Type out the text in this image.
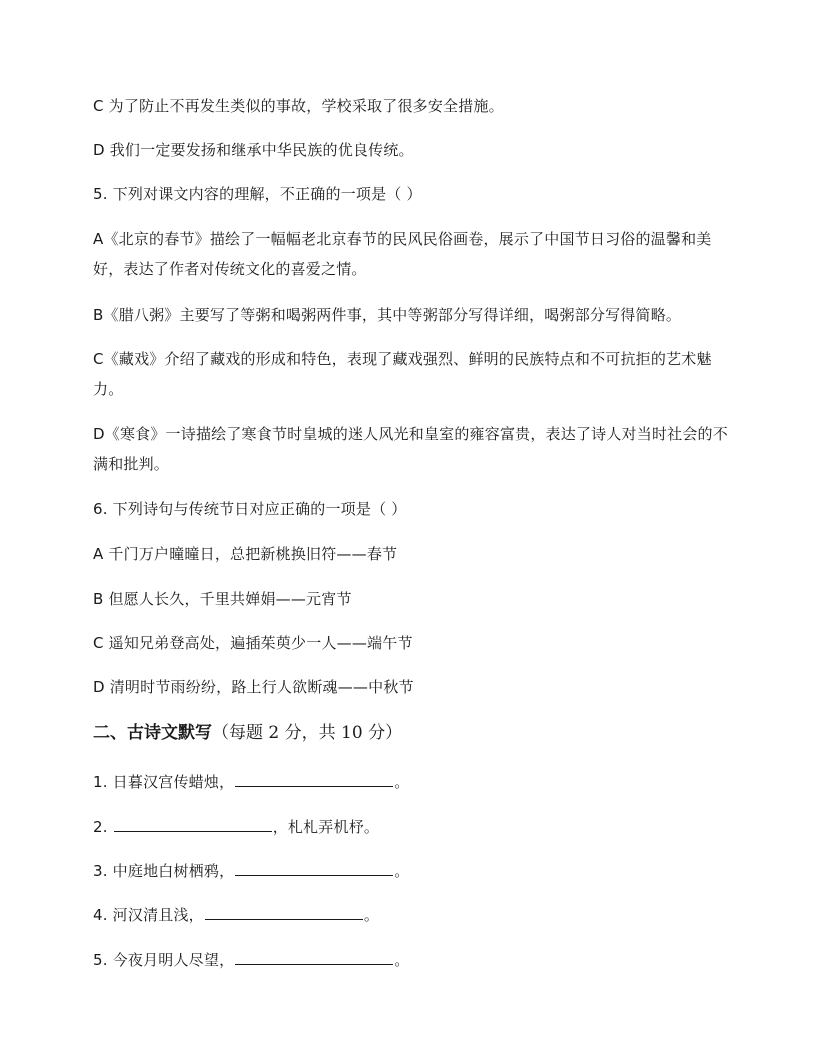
C 为了防止不再发生类似的事故，学校采取了很多安全措施。
D 我们一定要发扬和继承中华民族的优良传统。
5. 下列对课文内容的理解，不正确的一项是（ ）
A《北京的春节》描绘了一幅幅老北京春节的民风民俗画卷，展示了中国节日习俗的温馨和美好，表达了作者对传统文化的喜爱之情。
B《腊八粥》主要写了等粥和喝粥两件事，其中等粥部分写得详细，喝粥部分写得简略。
C《藏戏》介绍了藏戏的形成和特色，表现了藏戏强烈、鲜明的民族特点和不可抗拒的艺术魅力。
D《寒食》一诗描绘了寒食节时皇城的迷人风光和皇室的雍容富贵，表达了诗人对当时社会的不满和批判。
6. 下列诗句与传统节日对应正确的一项是（ ）
A 千门万户曈曈日，总把新桃换旧符——春节
B 但愿人长久，千里共婵娟——元宵节
C 遥知兄弟登高处，遍插茱萸少一人——端午节
D 清明时节雨纷纷，路上行人欲断魂——中秋节
二、古诗文默写（每题 2 分，共 10 分）
1. 日暮汉宫传蜡烛，	。
2.	，札札弄机杼。
3. 中庭地白树栖鸦，	。
4. 河汉清且浅，	。
5. 今夜月明人尽望，	。
